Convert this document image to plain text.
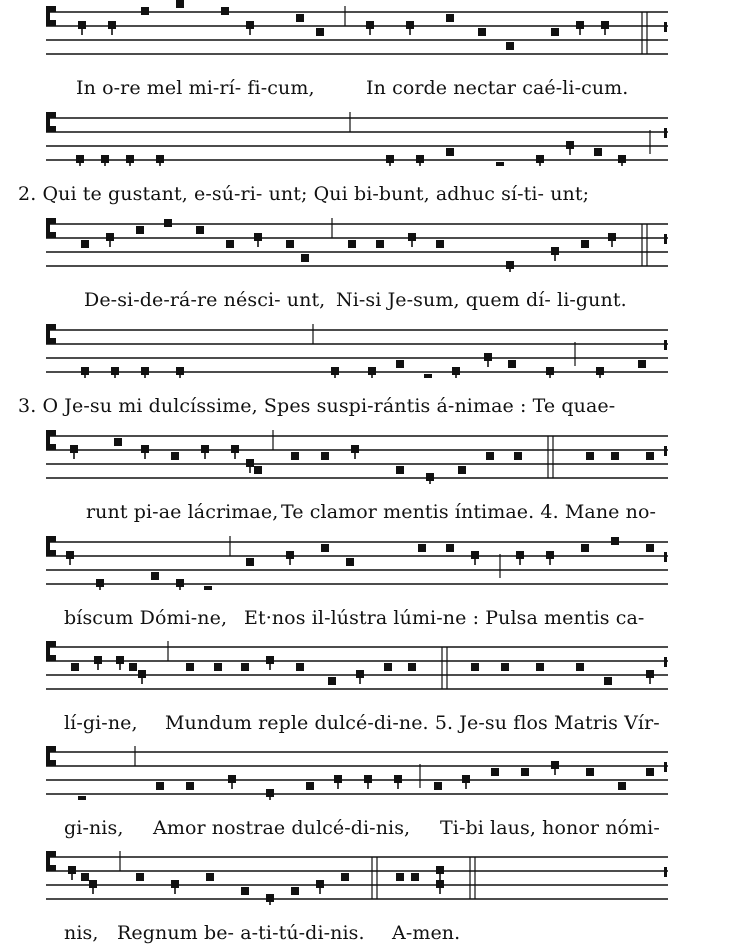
In o-re mel mi-rí- fi-cum,	In corde nectar caé-li-cum.
2. Qui te gustant, e-sú-ri- unt; Qui bi-bunt, adhuc sí-ti- unt;
De-si-de-rá-re nésci- unt, Ni-si Je-sum, quem dí- li-gunt.
3. O Je-su mi dulcíssime, Spes suspi-rántis á-nimae : Te quae-
runt pi-ae lácrimae, Te clamor mentis íntimae. 4. Mane no-
bíscum Dómi-ne, Et·nos il-lústra lúmi-ne : Pulsa mentis ca-
lí-gi-ne, Mundum reple dulcé-di-ne. 5. Je-su flos Matris Vír-
gi-nis, Amor nostrae dulcé-di-nis, Ti-bi laus, honor nómi-
nis, Regnum be- a-ti-tú-di-nis. A-men.
